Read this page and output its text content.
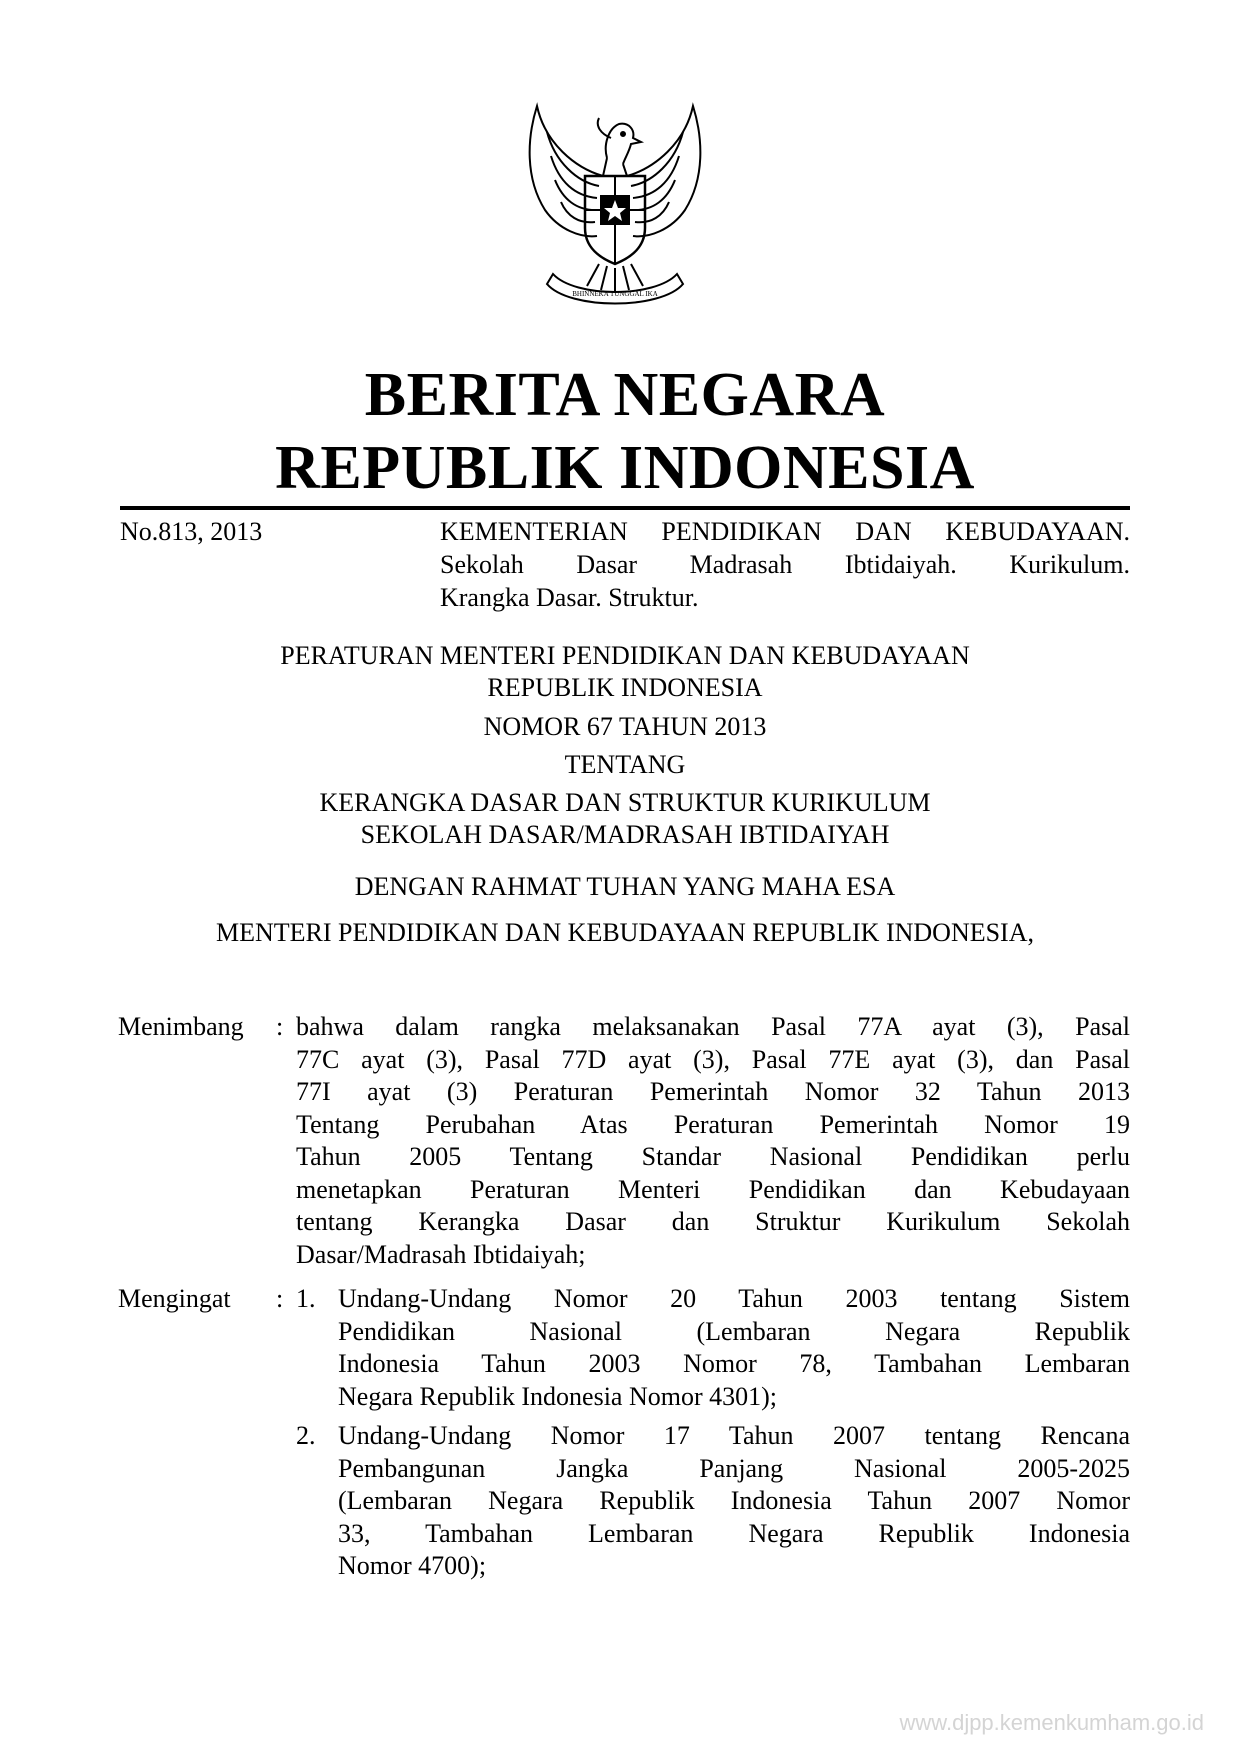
BHINNEKA TUNGGAL IKA
BERITA NEGARA
REPUBLIK INDONESIA
No.813, 2013	KEMENTERIAN PENDIDIKAN DAN KEBUDAYAAN.
Sekolah Dasar Madrasah Ibtidaiyah. Kurikulum.
Krangka Dasar. Struktur.
PERATURAN MENTERI PENDIDIKAN DAN KEBUDAYAAN
REPUBLIK INDONESIA
NOMOR 67 TAHUN 2013
TENTANG
KERANGKA DASAR DAN STRUKTUR KURIKULUM
SEKOLAH DASAR/MADRASAH IBTIDAIYAH
DENGAN RAHMAT TUHAN YANG MAHA ESA
MENTERI PENDIDIKAN DAN KEBUDAYAAN REPUBLIK INDONESIA,
Menimbang : bahwa dalam rangka melaksanakan Pasal 77A ayat (3), Pasal
77C ayat (3), Pasal 77D ayat (3), Pasal 77E ayat (3), dan Pasal
77I ayat (3) Peraturan Pemerintah Nomor 32 Tahun 2013
Tentang Perubahan Atas Peraturan Pemerintah Nomor 19
Tahun 2005 Tentang Standar Nasional Pendidikan perlu
menetapkan Peraturan Menteri Pendidikan dan Kebudayaan
tentang Kerangka Dasar dan Struktur Kurikulum Sekolah
Dasar/Madrasah Ibtidaiyah;
Mengingat : 1. Undang-Undang Nomor 20 Tahun 2003 tentang Sistem
Pendidikan Nasional (Lembaran Negara Republik
Indonesia Tahun 2003 Nomor 78, Tambahan Lembaran
Negara Republik Indonesia Nomor 4301);
2. Undang-Undang Nomor 17 Tahun 2007 tentang Rencana
Pembangunan Jangka Panjang Nasional 2005-2025
(Lembaran Negara Republik Indonesia Tahun 2007 Nomor
33, Tambahan Lembaran Negara Republik Indonesia
Nomor 4700);
www.djpp.kemenkumham.go.id
